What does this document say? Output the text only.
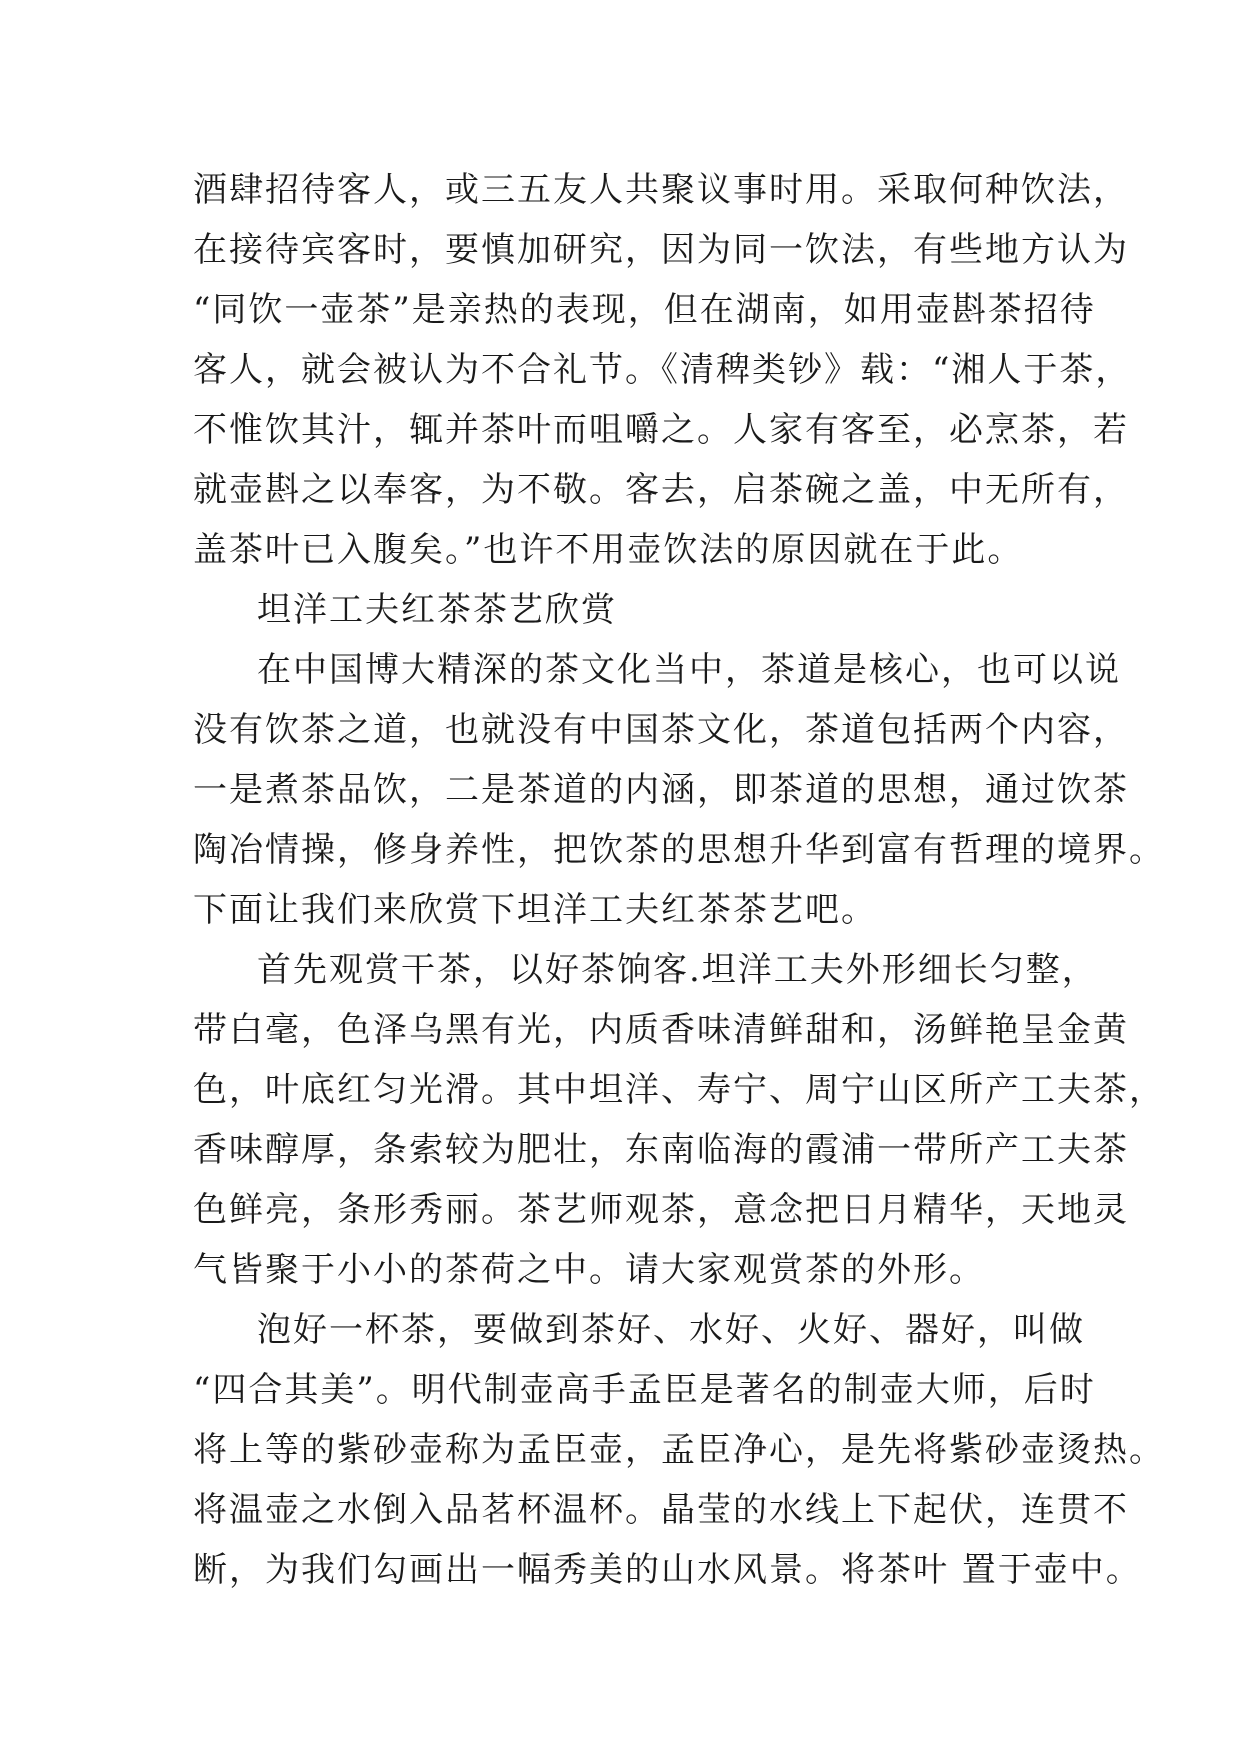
酒肆招待客人，或三五友人共聚议事时用。采取何种饮法，
在接待宾客时，要慎加研究，因为同一饮法，有些地方认为
“同饮一壶茶”是亲热的表现，但在湖南，如用壶斟茶招待
客人，就会被认为不合礼节。《清稗类钞》载：“湘人于茶，
不惟饮其汁，辄并茶叶而咀嚼之。人家有客至，必烹茶，若
就壶斟之以奉客，为不敬。客去，启茶碗之盖，中无所有，
盖茶叶已入腹矣。”也许不用壶饮法的原因就在于此。
坦洋工夫红茶茶艺欣赏
在中国博大精深的茶文化当中，茶道是核心，也可以说
没有饮茶之道，也就没有中国茶文化，茶道包括两个内容，
一是煮茶品饮，二是茶道的内涵，即茶道的思想，通过饮茶
陶冶情操，修身养性，把饮茶的思想升华到富有哲理的境界。
下面让我们来欣赏下坦洋工夫红茶茶艺吧。
首先观赏干茶，以好茶饷客.坦洋工夫外形细长匀整，
带白毫，色泽乌黑有光，内质香味清鲜甜和，汤鲜艳呈金黄
色，叶底红匀光滑。其中坦洋、寿宁、周宁山区所产工夫茶，
香味醇厚，条索较为肥壮，东南临海的霞浦一带所产工夫茶
色鲜亮，条形秀丽。茶艺师观茶，意念把日月精华，天地灵
气皆聚于小小的茶荷之中。请大家观赏茶的外形。
泡好一杯茶，要做到茶好、水好、火好、器好，叫做
“四合其美”。明代制壶高手孟臣是著名的制壶大师，后时
将上等的紫砂壶称为孟臣壶，孟臣净心，是先将紫砂壶烫热。
将温壶之水倒入品茗杯温杯。晶莹的水线上下起伏，连贯不
断，为我们勾画出一幅秀美的山水风景。将茶叶 置于壶中。
